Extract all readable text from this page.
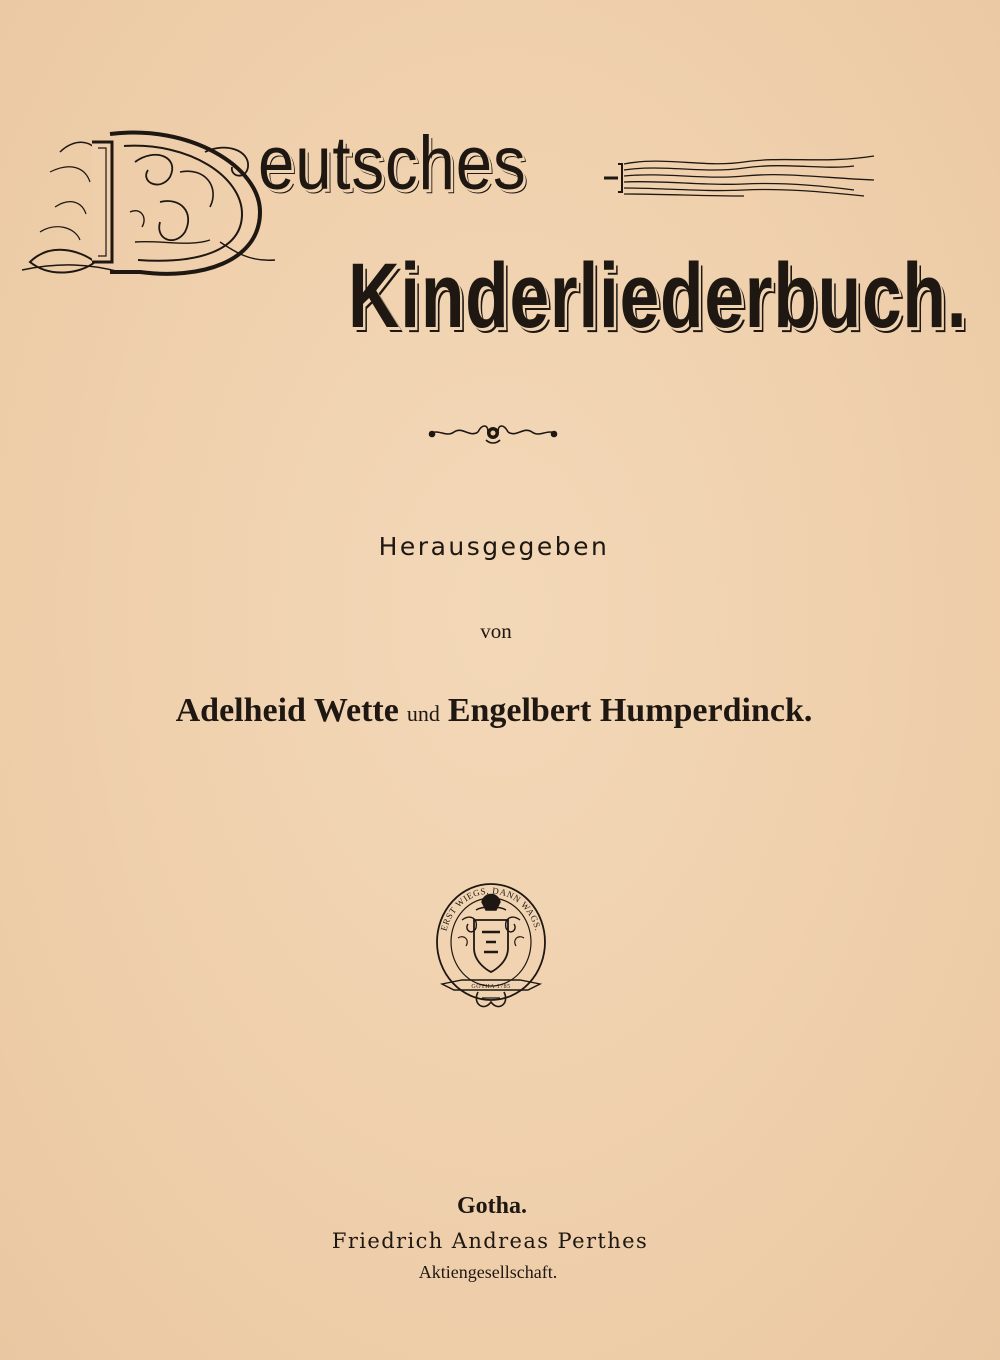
eutsches
Kinderliederbuch.
Herausgegeben
von
Adelheid Wette und Engelbert Humperdinck.
ERST WIEGS, DANN WAGS.
GOTHA 1785
Gotha.
Friedrich Andreas Perthes
Aktiengesellschaft.
